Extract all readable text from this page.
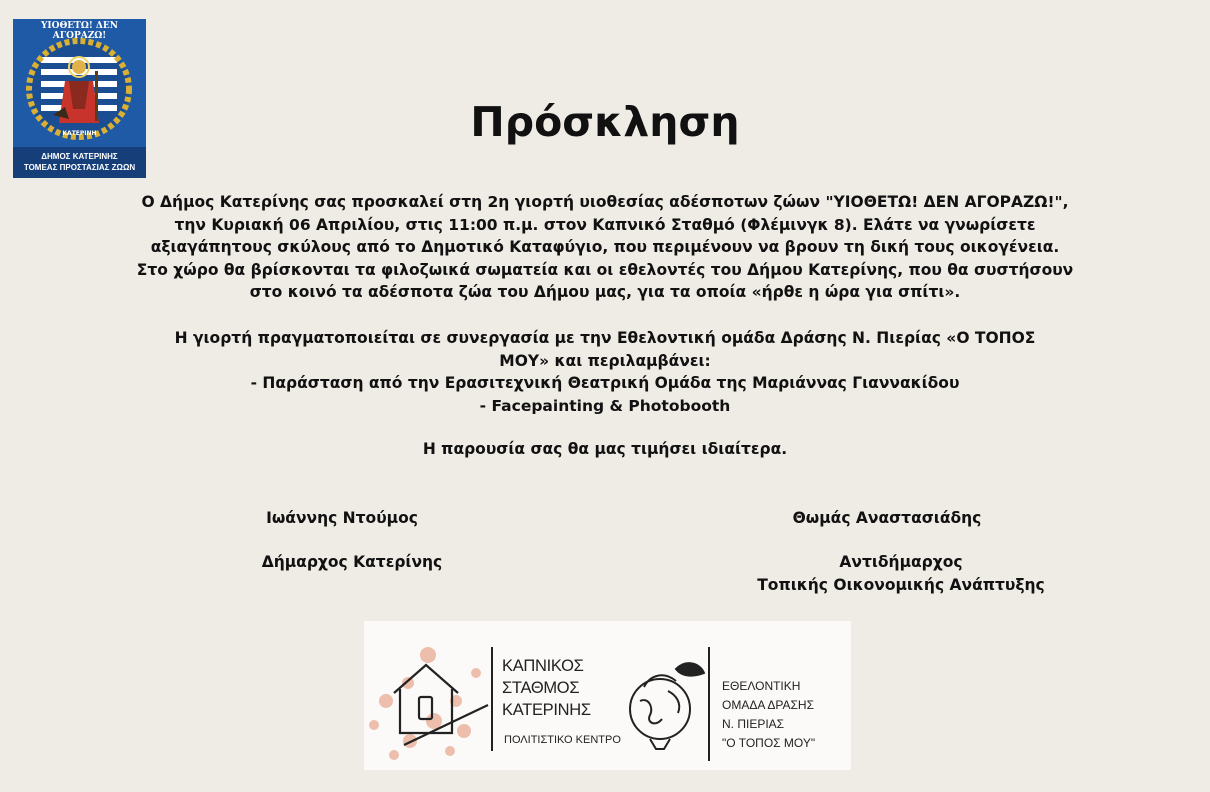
ΥΙΟΘΕΤΩ! ΔΕΝ ΑΓΟΡΑΖΩ!
ΚΑΤΕΡΙΝΗ
ΔΗΜΟΣ ΚΑΤΕΡΙΝΗΣ
ΤΟΜΕΑΣ ΠΡΟΣΤΑΣΙΑΣ ΖΩΩΝ
Πρόσκληση
Ο Δήμος Κατερίνης σας προσκαλεί στη 2η γιορτή υιοθεσίας αδέσποτων ζώων "ΥΙΟΘΕΤΩ! ΔΕΝ ΑΓΟΡΑΖΩ!",
την Κυριακή 06 Απριλίου, στις 11:00 π.μ. στον Καπνικό Σταθμό (Φλέμινγκ 8). Ελάτε να γνωρίσετε
αξιαγάπητους σκύλους από το Δημοτικό Καταφύγιο, που περιμένουν να βρουν τη δική τους οικογένεια.
Στο χώρο θα βρίσκονται τα φιλοζωικά σωματεία και οι εθελοντές του Δήμου Κατερίνης, που θα συστήσουν
στο κοινό τα αδέσποτα ζώα του Δήμου μας, για τα οποία «ήρθε η ώρα για σπίτι».
Η γιορτή πραγματοποιείται σε συνεργασία με την Εθελοντική ομάδα Δράσης Ν. Πιερίας «Ο ΤΟΠΟΣ
ΜΟΥ» και περιλαμβάνει:
- Παράσταση από την Ερασιτεχνική Θεατρική Ομάδα της Μαριάννας Γιαννακίδου
- Facepainting & Photobooth
Η παρουσία σας θα μας τιμήσει ιδιαίτερα.
Ιωάννης Ντούμος
Δήμαρχος Κατερίνης
Θωμάς Αναστασιάδης
Αντιδήμαρχος
Τοπικής Οικονομικής Ανάπτυξης
ΚΑΠΝΙΚΟΣ
ΣΤΑΘΜΟΣ
ΚΑΤΕΡΙΝΗΣ
ΠΟΛΙΤΙΣΤΙΚΟ ΚΕΝΤΡΟ
ΕΘΕΛΟΝΤΙΚΗ
ΟΜΑΔΑ ΔΡΑΣΗΣ
Ν. ΠΙΕΡΙΑΣ
"Ο ΤΟΠΟΣ ΜΟΥ"
